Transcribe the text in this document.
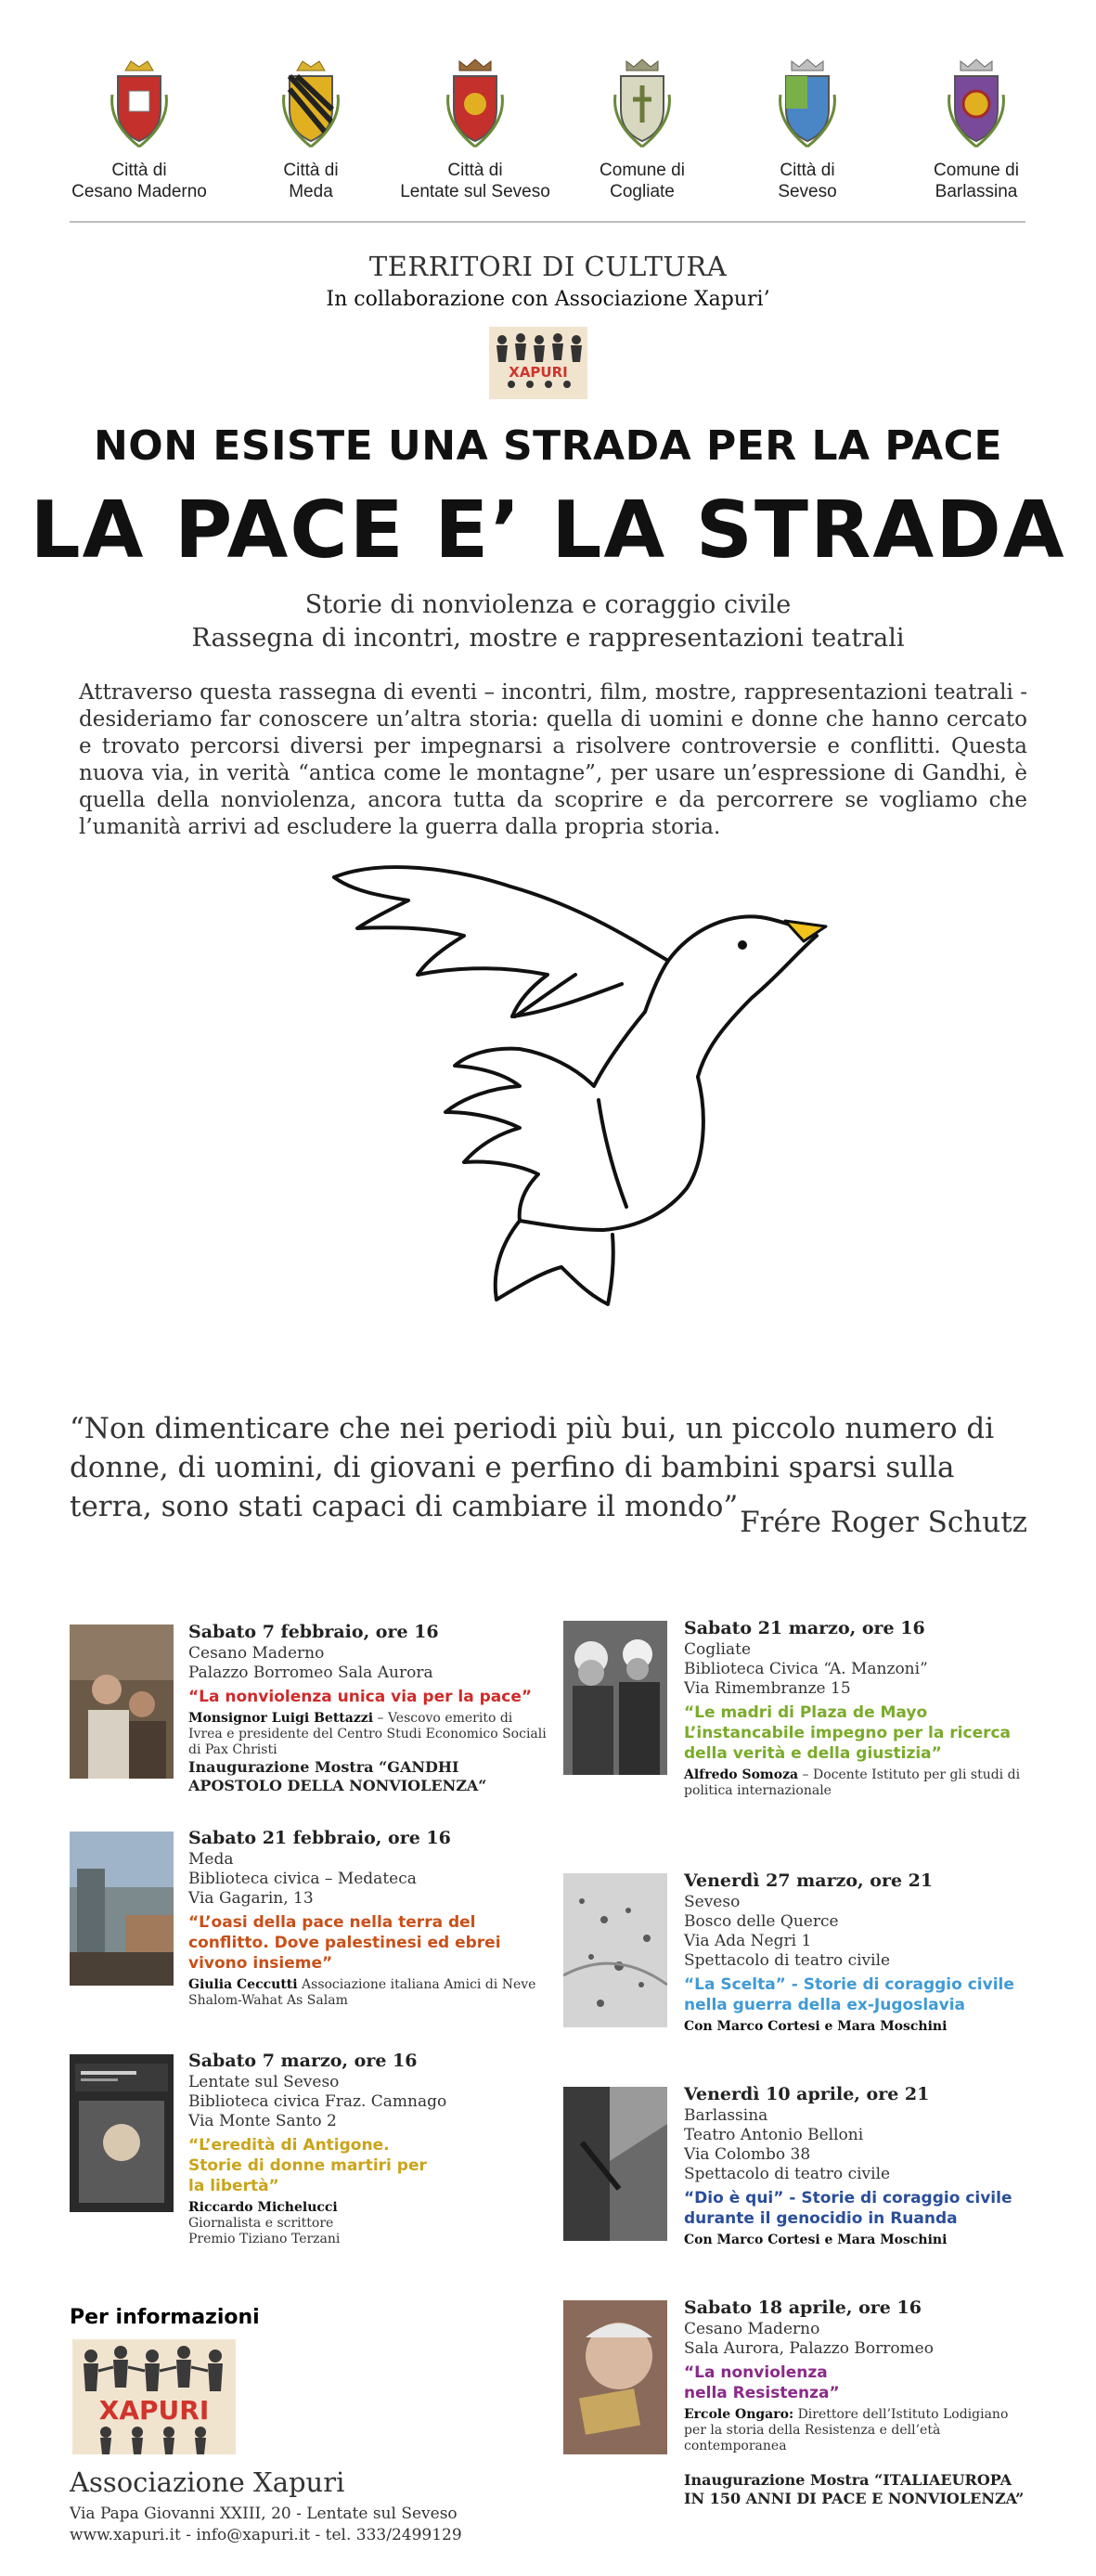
Città di
Cesano Maderno
Città di
Meda
Città di
Lentate sul Seveso
Comune di
Cogliate
Città di
Seveso
Comune di
Barlassina
TERRITORI DI CULTURA
In collaborazione con Associazione Xapuri’
XAPURI
NON ESISTE UNA STRADA PER LA PACE
LA PACE E’ LA STRADA
Storie di nonviolenza e coraggio civile
Rassegna di incontri, mostre e rappresentazioni teatrali
Attraverso questa rassegna di eventi – incontri, film, mostre, rappresentazioni teatrali - desideriamo far conoscere un’altra storia: quella di uomini e donne che hanno cercato e trovato percorsi diversi per impegnarsi a risolvere controversie e conflitti. Questa nuova via, in verità “antica come le montagne”, per usare un’espressione di Gandhi, è quella della nonviolenza, ancora tutta da scoprire e da percorrere se vogliamo che l’umanità arrivi ad escludere la guerra dalla propria storia.
“Non dimenticare che nei periodi più bui, un piccolo numero di donne, di uomini, di giovani e perfino di bambini sparsi sulla terra, sono stati capaci di cambiare il mondo” Frére Roger Schutz
Sabato 7 febbraio, ore 16
Cesano Maderno
Palazzo Borromeo Sala Aurora
“La nonviolenza unica via per la pace”
Monsignor Luigi Bettazzi – Vescovo emerito di Ivrea e presidente del Centro Studi Economico Sociali di Pax Christi
Inaugurazione Mostra “GANDHI APOSTOLO DELLA NONVIOLENZA“
Sabato 21 febbraio, ore 16
Meda
Biblioteca civica – Medateca
Via Gagarin, 13
“L’oasi della pace nella terra del conflitto. Dove palestinesi ed ebrei vivono insieme”
Giulia Ceccutti Associazione italiana Amici di Neve Shalom-Wahat As Salam
Sabato 7 marzo, ore 16
Lentate sul Seveso
Biblioteca civica Fraz. Camnago
Via Monte Santo 2
“L’eredità di Antigone. Storie di donne martiri per la libertà”
Riccardo Michelucci Giornalista e scrittore Premio Tiziano Terzani
Sabato 21 marzo, ore 16
Cogliate
Biblioteca Civica “A. Manzoni”
Via Rimembranze 15
“Le madri di Plaza de Mayo L’instancabile impegno per la ricerca della verità e della giustizia”
Alfredo Somoza – Docente Istituto per gli studi di politica internazionale
Venerdì 27 marzo, ore 21
Seveso
Bosco delle Querce
Via Ada Negri 1
Spettacolo di teatro civile
“La Scelta” - Storie di coraggio civile nella guerra della ex-Jugoslavia
Con Marco Cortesi e Mara Moschini
Venerdì 10 aprile, ore 21
Barlassina
Teatro Antonio Belloni
Via Colombo 38
Spettacolo di teatro civile
“Dio è qui” - Storie di coraggio civile durante il genocidio in Ruanda
Con Marco Cortesi e Mara Moschini
Sabato 18 aprile, ore 16
Cesano Maderno
Sala Aurora, Palazzo Borromeo
“La nonviolenza nella Resistenza”
Ercole Ongaro: Direttore dell’Istituto Lodigiano per la storia della Resistenza e dell’età contemporanea
Inaugurazione Mostra “ITALIAEUROPA IN 150 ANNI DI PACE E NONVIOLENZA”
Per informazioni
XAPURI
Associazione Xapuri
Via Papa Giovanni XXIII, 20 - Lentate sul Seveso
www.xapuri.it - info@xapuri.it - tel. 333/2499129
